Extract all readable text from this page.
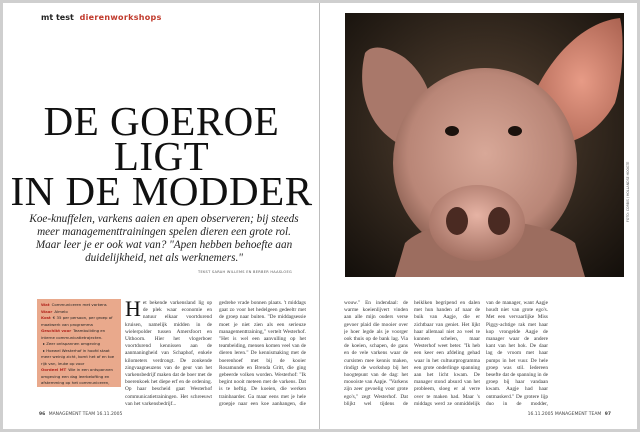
mt test dierenworkshops
DE GOEROE
LIGT
IN DE MODDER
Koe-knuffelen, varkens aaien en apen observeren; bij steeds meer managementtrainingen spelen dieren een grote rol. Maar leer je er ook wat van? "Apen hebben behoefte aan duidelijkheid, net als werknemers."
TEKST SARAH WILLEMS EN BERBER HAASLOEG
Wat Communiceren met varkens
Waar Almelo
Kost € 35 per persoon, per groep of maatwerk van programma
Geschikt voor Teambuilding en interne communicatietrajecten.
▸ Zeer ontspannen omgeving
▸ Hoewel Westerhof in hoofd staat meer weinig zicht, komt het af en toe rijk van, leuke op voor
Oordeel MT Wie in een ontspannen omgeving een dag leerbelofting en afstemming op het communiceren,
H et bekende varkensland lig op de plek waar economie en natuur elkaar voortdurend kruisen, namelijk midden in de wielerpolder tussen Amersfoort en Uithoorn. Hier het vlogerboer voortdurend kennissen aan de aanmaningheid van Schaphof, enkele kilometers verdrongt. De zonkende zingvaagneuzens van de geur van het varkensbedrijf maken dat de boer met de boerenkoek het diepe erf en de ordening. Op haar bescheid gaat Westerhof communicatietrainingen. Het schreeuwt van het varkensbedrijf...

gedrehe vrade bonnen plaats. 't middags gaat zo voor het hedelgeen gedeeltr met de groep naar buiten. "De middagsessie moet je niet zien als een serieuze managementtraining," vertelt Westerhof. "Het is wel een aanvulling op het teambeiding, mensen komen veel van de dieren leren." De kennismaking met de boerenhoef met bij de kooier Rosamunde en Brenda Gritt, die ging gebeerde volken worden. Westerhof: "Ik begint nooit meteen met de varkens. Dat is te heftig. De koeien, die werken trainbaarder. Ga maar eens met je hele groepje naar een koe aanhangen, die

96 MANAGEMENT TEAM 16.11.2005

wouw." En indendaal: de warme koeienlijvert vinden aan alle mijn ouders verse gevoer plaid die mooier over je hoer legde als je voorger ook thuis op de bank lag. Via de koeien, schapen, de gans en de vele varkens waar de cursisten mee kennis maken, rindigt de workshop bij het hoogtepunt van de dag: het moooiste van Aapje. "Varkens zijn zeer gevoelig voor grote ego's," zegt Westerhof. Dat blijkt wel tijdens de

heiklken begripend en dalen met hun handen af naar de buik van Aagje, die er zichtbaar van geniet. Het lijkt haar allemaal niet zo veel te kunnen schelen, maar Westerhof weet beter. "Ik heb een keer een afdeling gehad waar in het cultuurprogramma een grote onderlinge spanning aan het licht kwam. De manager stond absurd van het probleem, sloeg er al verre over te maken had. Maar 's middags werd ze onmiddelijk

van de manager, want Aagje houdt niet van grote ego's. Met een vervaarlijke Miss Piggy-achtige rak met haar kop vrongelde Aagje de manager waar de andere kant van het hok. De daar lag de vroom met haar pumps in het vuur. De hele groep was stil. Iedereen besefte dat de spanning in de groep bij haar vandaan kwam. Aagje had haar ontmaskerd." De grotere lijp duo in de modder,

16.11.2005 MANAGEMENT TEAM 97
FOTO: CORBIS / HOLLANDSE HOOGTE
